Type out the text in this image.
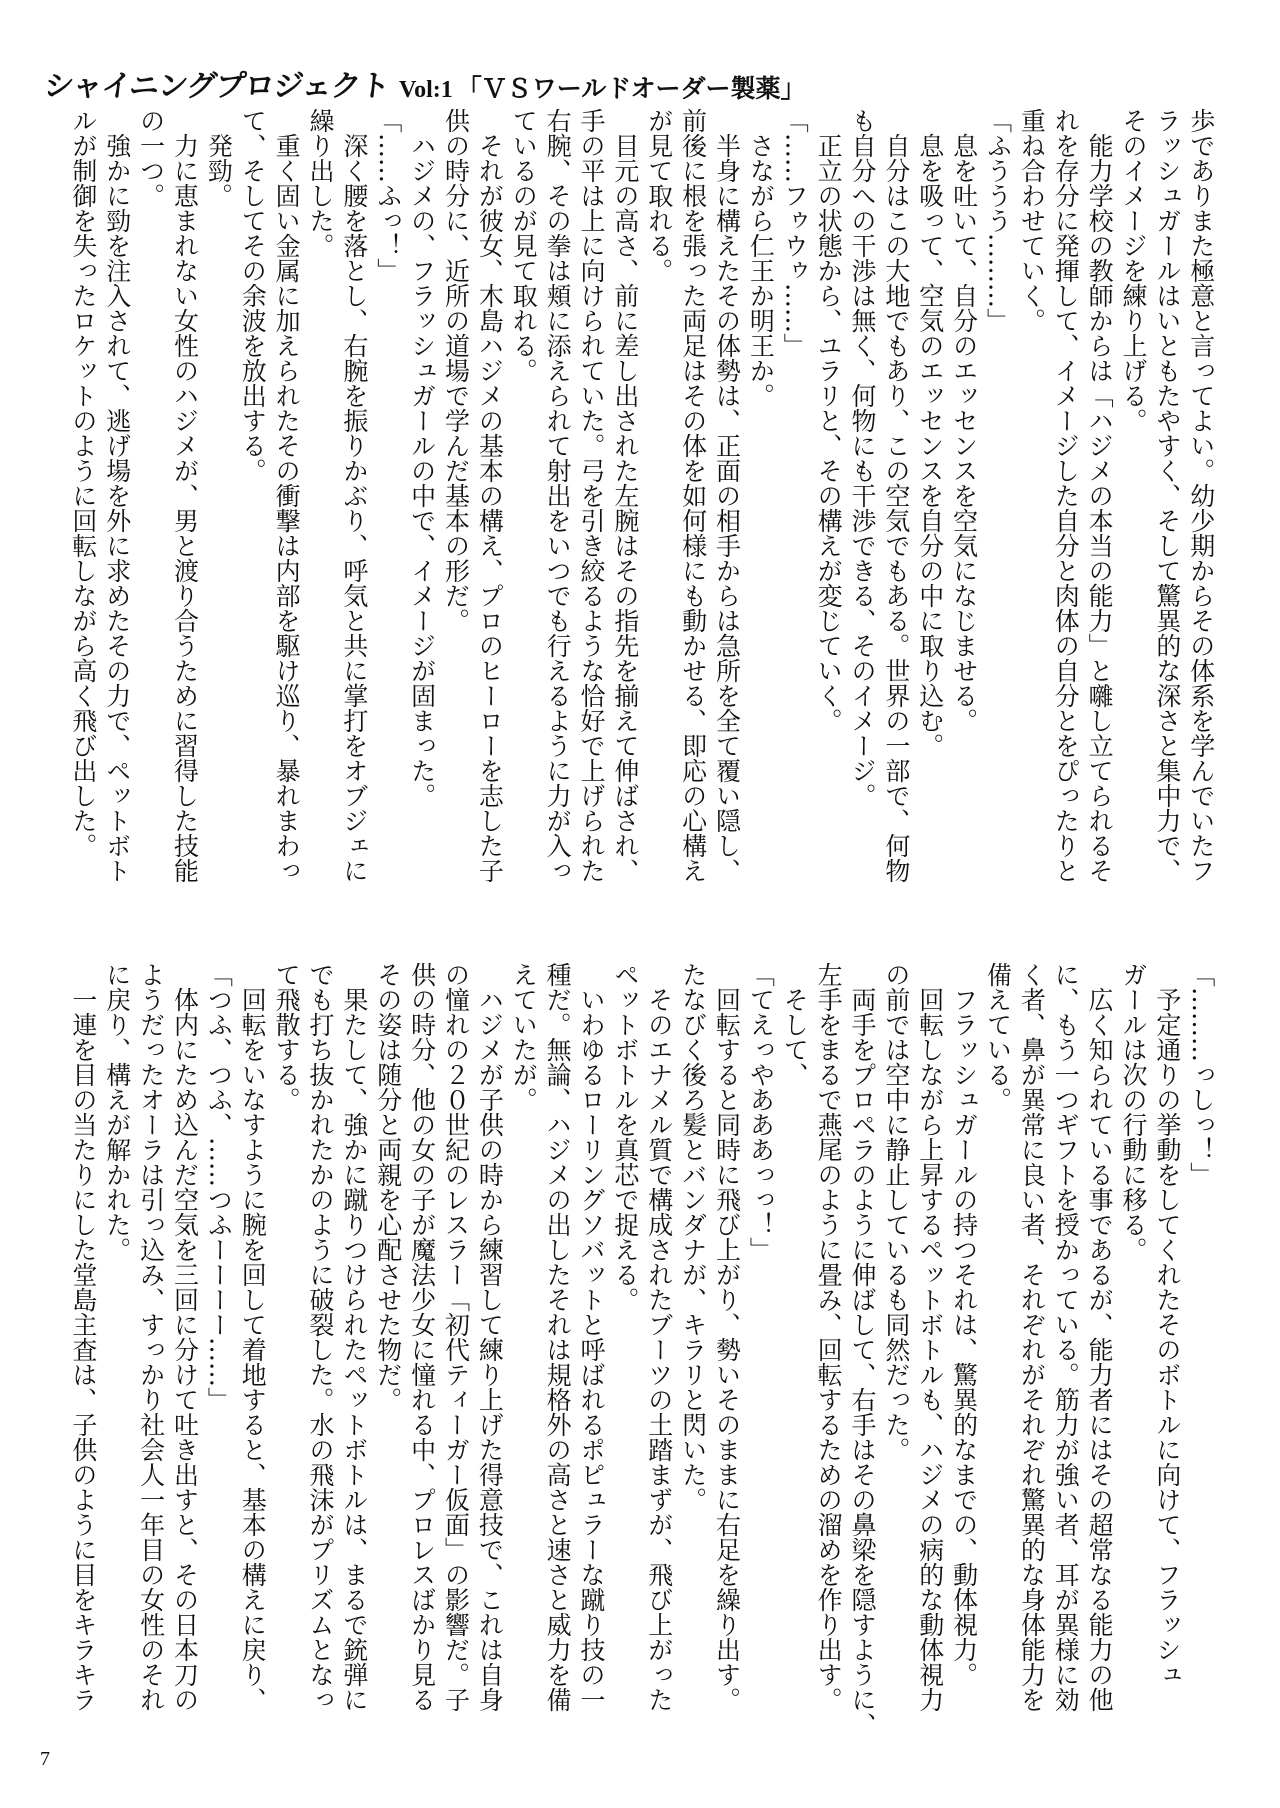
シャイニングプロジェクト Vol:1 「ＶＳワールドオーダー製薬」
歩でありまた極意と言ってよい。幼少期からその体系を学んでいたフ
ラッシュガールはいともたやすく、そして驚異的な深さと集中力で、
そのイメージを練り上げる。
　能力学校の教師からは「ハジメの本当の能力」と囃し立てられるそ
れを存分に発揮して、イメージした自分と肉体の自分とをぴったりと
重ね合わせていく。
「ふううう………」
　息を吐いて、自分のエッセンスを空気になじませる。
　息を吸って、空気のエッセンスを自分の中に取り込む。
　自分はこの大地でもあり、この空気でもある。世界の一部で、何物
も自分への干渉は無く、何物にも干渉できる、そのイメージ。
　正立の状態から、ユラリと、その構えが変じていく。
「……フゥウゥ……」
　さながら仁王か明王か。
　半身に構えたその体勢は、正面の相手からは急所を全て覆い隠し、
前後に根を張った両足はその体を如何様にも動かせる、即応の心構え
が見て取れる。
　目元の高さ、前に差し出された左腕はその指先を揃えて伸ばされ、
手の平は上に向けられていた。弓を引き絞るような恰好で上げられた
右腕、その拳は頬に添えられて射出をいつでも行えるように力が入っ
ているのが見て取れる。
　それが彼女、木島ハジメの基本の構え、プロのヒーローを志した子
供の時分に、近所の道場で学んだ基本の形だ。
　ハジメの、フラッシュガールの中で、イメージが固まった。
「……ふっ！」
　深く腰を落とし、右腕を振りかぶり、呼気と共に掌打をオブジェに
繰り出した。
　重く固い金属に加えられたその衝撃は内部を駆け巡り、暴れまわっ
て、そしてその余波を放出する。
　発勁。
　力に恵まれない女性のハジメが、男と渡り合うために習得した技能
の一つ。
　強かに勁を注入されて、逃げ場を外に求めたその力で、ペットボト
ルが制御を失ったロケットのように回転しながら高く飛び出した。
「………っしっ！」
　予定通りの挙動をしてくれたそのボトルに向けて、フラッシュ
ガールは次の行動に移る。
　広く知られている事であるが、能力者にはその超常なる能力の他
に、もう一つギフトを授かっている。筋力が強い者、耳が異様に効
く者、鼻が異常に良い者、それぞれがそれぞれ驚異的な身体能力を
備えている。
　フラッシュガールの持つそれは、驚異的なまでの、動体視力。
　回転しながら上昇するペットボトルも、ハジメの病的な動体視力
の前では空中に静止しているも同然だった。
　両手をプロペラのように伸ばして、右手はその鼻梁を隠すように、
左手をまるで燕尾のように畳み、回転するための溜めを作り出す。
　そして、
「てえっやあああっっ！」
　回転すると同時に飛び上がり、勢いそのままに右足を繰り出す。
たなびく後ろ髪とバンダナが、キラリと閃いた。
　そのエナメル質で構成されたブーツの土踏まずが、飛び上がった
ペットボトルを真芯で捉える。
　いわゆるローリングソバットと呼ばれるポピュラーな蹴り技の一
種だ。無論、ハジメの出したそれは規格外の高さと速さと威力を備
えていたが。
　ハジメが子供の時から練習して練り上げた得意技で、これは自身
の憧れの２０世紀のレスラー「初代ティーガー仮面」の影響だ。子
供の時分、他の女の子が魔法少女に憧れる中、プロレスばかり見る
その姿は随分と両親を心配させた物だ。
　果たして、強かに蹴りつけられたペットボトルは、まるで銃弾に
でも打ち抜かれたかのように破裂した。水の飛沫がプリズムとなっ
て飛散する。
　回転をいなすように腕を回して着地すると、基本の構えに戻り、
「つふ、つふ、……つふーーーー……」
　体内にため込んだ空気を三回に分けて吐き出すと、その日本刀の
ようだったオーラは引っ込み、すっかり社会人一年目の女性のそれ
に戻り、構えが解かれた。
　一連を目の当たりにした堂島主査は、子供のように目をキラキラ
7
